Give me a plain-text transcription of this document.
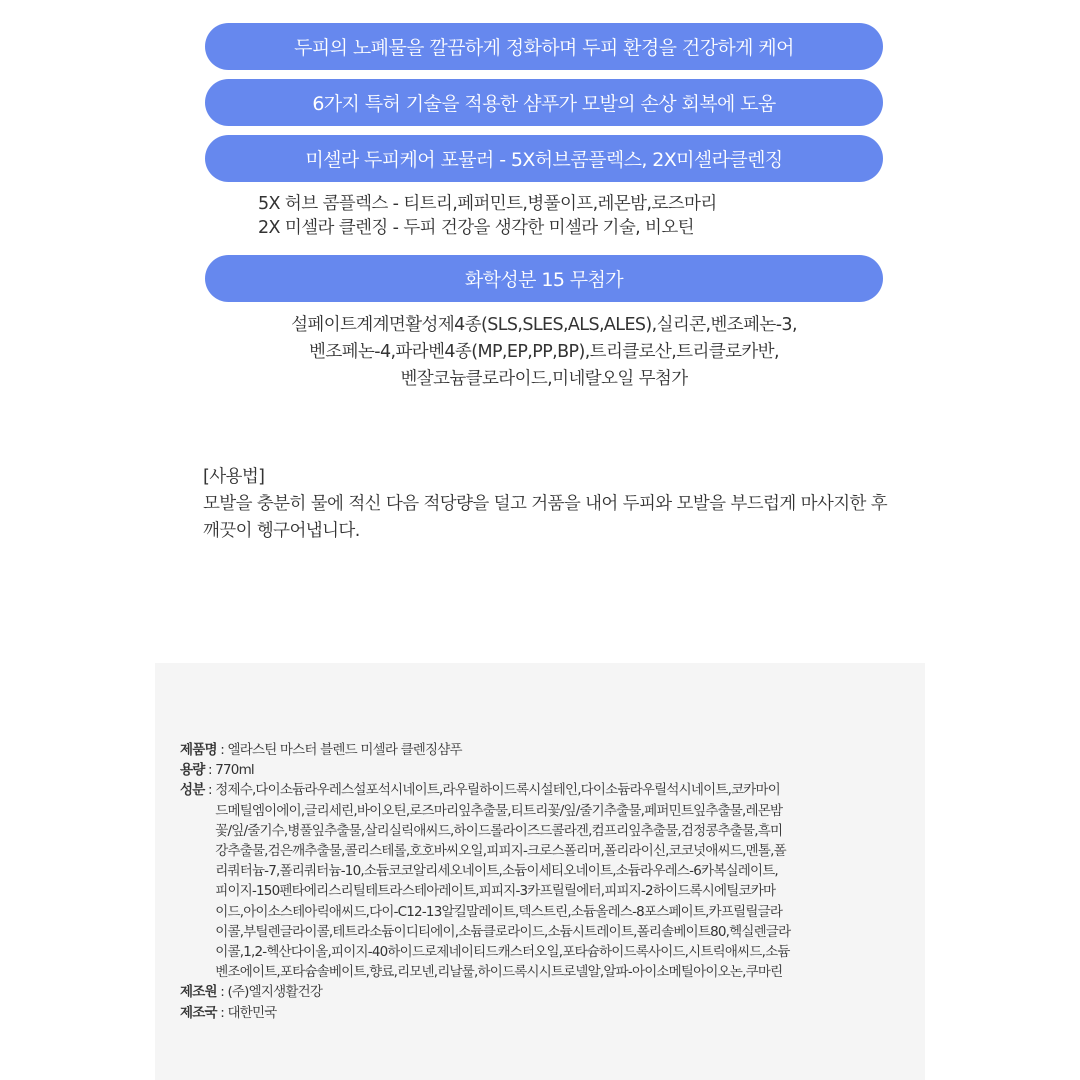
두피의 노폐물을 깔끔하게 정화하며 두피 환경을 건강하게 케어
6가지 특허 기술을 적용한 샴푸가 모발의 손상 회복에 도움
미셀라 두피케어 포뮬러 - 5X허브콤플렉스, 2X미셀라클렌징
5X 허브 콤플렉스 - 티트리,페퍼민트,병풀이프,레몬밤,로즈마리
2X 미셀라 클렌징 - 두피 건강을 생각한 미셀라 기술, 비오틴
화학성분 15 무첨가
설페이트계계면활성제4종(SLS,SLES,ALS,ALES),실리콘,벤조페논-3,
벤조페논-4,파라벤4종(MP,EP,PP,BP),트리클로산,트리클로카반,
벤잘코늄클로라이드,미네랄오일 무첨가
[사용법]
모발을 충분히 물에 적신 다음 적당량을 덜고 거품을 내어 두피와 모발을 부드럽게 마사지한 후
깨끗이 헹구어냅니다.
제품명 : 엘라스틴 마스터 블렌드 미셀라 클렌징샴푸
용량 : 770ml
성분 : 정제수,다이소듐라우레스설포석시네이트,라우릴하이드록시설테인,다이소듐라우릴석시네이트,코카마이
드메틸엠이에이,글리세린,바이오틴,로즈마리잎추출물,티트리꽃/잎/줄기추출물,페퍼민트잎추출물,레몬밤
꽃/잎/줄기수,병풀잎추출물,살리실릭애씨드,하이드롤라이즈드콜라겐,컴프리잎추출물,검정콩추출물,흑미
강추출물,검은깨추출물,콜리스테롤,호호바씨오일,피피지-크로스폴리머,폴리라이신,코코넛애씨드,멘톨,폴
리쿼터늄-7,폴리쿼터늄-10,소듐코코알리세오네이트,소듐이세티오네이트,소듐라우레스-6카복실레이트,
피이지-150펜타에리스리틸테트라스테아레이트,피피지-3카프릴릴에터,피피지-2하이드록시에틸코카마
이드,아이소스테아릭애씨드,다이-C12-13알킬말레이트,덱스트린,소듐올레스-8포스페이트,카프릴릴글라
이콜,부틸렌글라이콜,테트라소듐이디티에이,소듐클로라이드,소듐시트레이트,폴리솔베이트80,헥실렌글라
이콜,1,2-헥산다이올,피이지-40하이드로제네이티드캐스터오일,포타슘하이드록사이드,시트릭애씨드,소듐
벤조에이트,포타슘솔베이트,향료,리모넨,리날룰,하이드록시시트로넬알,알파-아이소메틸아이오논,쿠마린
제조원 : (주)엘지생활건강
제조국 : 대한민국
